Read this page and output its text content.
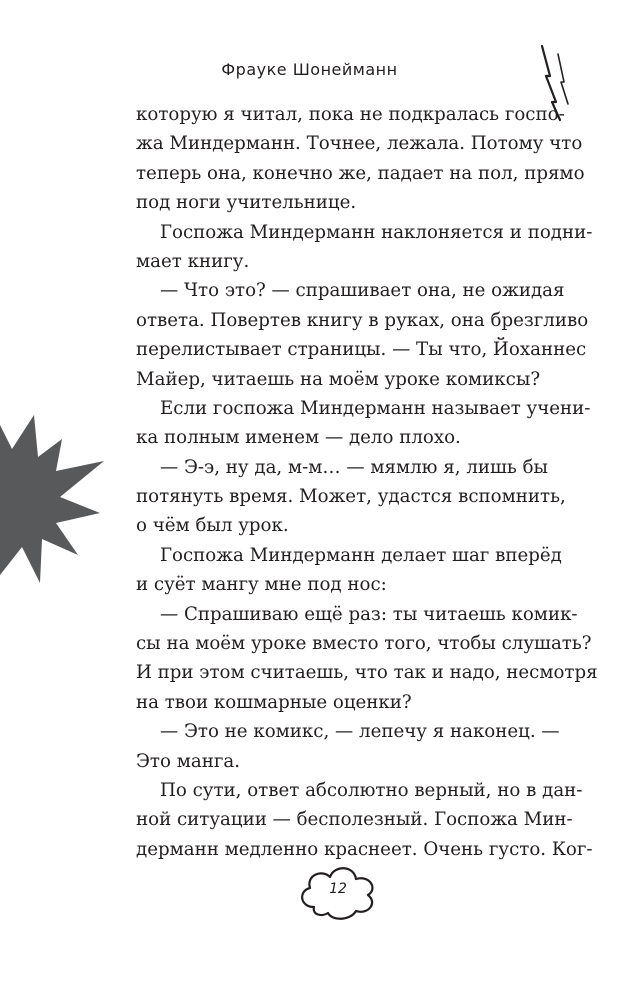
Фрауке Шонейманн
которую я читал, пока не подкралась госпо-
жа Миндерманн. Точнее, лежала. Потому что
теперь она, конечно же, падает на пол, прямо
под ноги учительнице.
Госпожа Миндерманн наклоняется и подни-
мает книгу.
— Что это? — спрашивает она, не ожидая
ответа. Повертев книгу в руках, она брезгливо
перелистывает страницы. — Ты что, Йоханнес
Майер, читаешь на моём уроке комиксы?
Если госпожа Миндерманн называет учени-
ка полным именем — дело плохо.
— Э-э, ну да, м-м… — мямлю я, лишь бы
потянуть время. Может, удастся вспомнить,
о чём был урок.
Госпожа Миндерманн делает шаг вперёд
и суёт мангу мне под нос:
— Спрашиваю ещё раз: ты читаешь комик-
сы на моём уроке вместо того, чтобы слушать?
И при этом считаешь, что так и надо, несмотря
на твои кошмарные оценки?
— Это не комикс, — лепечу я наконец. —
Это манга.
По сути, ответ абсолютно верный, но в дан-
ной ситуации — бесполезный. Госпожа Мин-
дерманн медленно краснеет. Очень густо. Ког-
12
